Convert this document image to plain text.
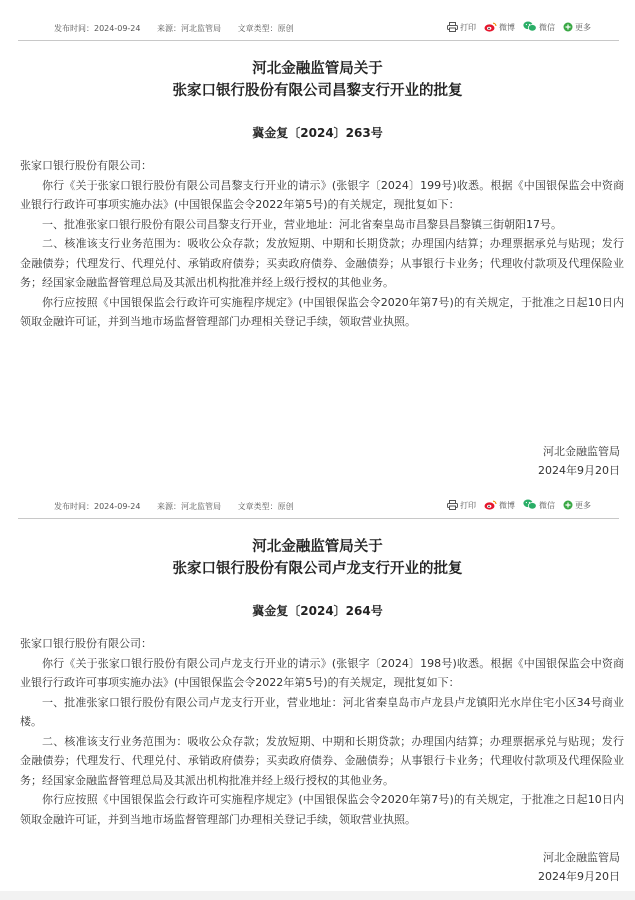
发布时间：2024-09-24 来源：河北监管局 文章类型：原创	打印	微博	微信	更多
河北金融监管局关于
张家口银行股份有限公司昌黎支行开业的批复
冀金复〔2024〕263号

张家口银行股份有限公司：

你行《关于张家口银行股份有限公司昌黎支行开业的请示》(张银字〔2024〕199号)收悉。根据《中国银保监会中资商业银行行政许可事项实施办法》(中国银保监会令2022年第5号)的有关规定，现批复如下：

一、批准张家口银行股份有限公司昌黎支行开业，营业地址：河北省秦皇岛市昌黎县昌黎镇三街朝阳17号。

二、核准该支行业务范围为：吸收公众存款；发放短期、中期和长期贷款；办理国内结算；办理票据承兑与贴现；发行金融债券；代理发行、代理兑付、承销政府债券；买卖政府债券、金融债券；从事银行卡业务；代理收付款项及代理保险业务；经国家金融监督管理总局及其派出机构批准并经上级行授权的其他业务。

你行应按照《中国银保监会行政许可实施程序规定》(中国银保监会令2020年第7号)的有关规定，于批准之日起10日内领取金融许可证，并到当地市场监督管理部门办理相关登记手续，领取营业执照。

河北金融监管局
2024年9月20日
发布时间：2024-09-24 来源：河北监管局 文章类型：原创	打印	微博	微信	更多
河北金融监管局关于
张家口银行股份有限公司卢龙支行开业的批复
冀金复〔2024〕264号

张家口银行股份有限公司：

你行《关于张家口银行股份有限公司卢龙支行开业的请示》(张银字〔2024〕198号)收悉。根据《中国银保监会中资商业银行行政许可事项实施办法》(中国银保监会令2022年第5号)的有关规定，现批复如下：

一、批准张家口银行股份有限公司卢龙支行开业，营业地址：河北省秦皇岛市卢龙县卢龙镇阳光水岸住宅小区34号商业楼。

二、核准该支行业务范围为：吸收公众存款；发放短期、中期和长期贷款；办理国内结算；办理票据承兑与贴现；发行金融债券；代理发行、代理兑付、承销政府债券；买卖政府债券、金融债券；从事银行卡业务；代理收付款项及代理保险业务；经国家金融监督管理总局及其派出机构批准并经上级行授权的其他业务。

你行应按照《中国银保监会行政许可实施程序规定》(中国银保监会令2020年第7号)的有关规定，于批准之日起10日内领取金融许可证，并到当地市场监督管理部门办理相关登记手续，领取营业执照。

河北金融监管局
2024年9月20日
